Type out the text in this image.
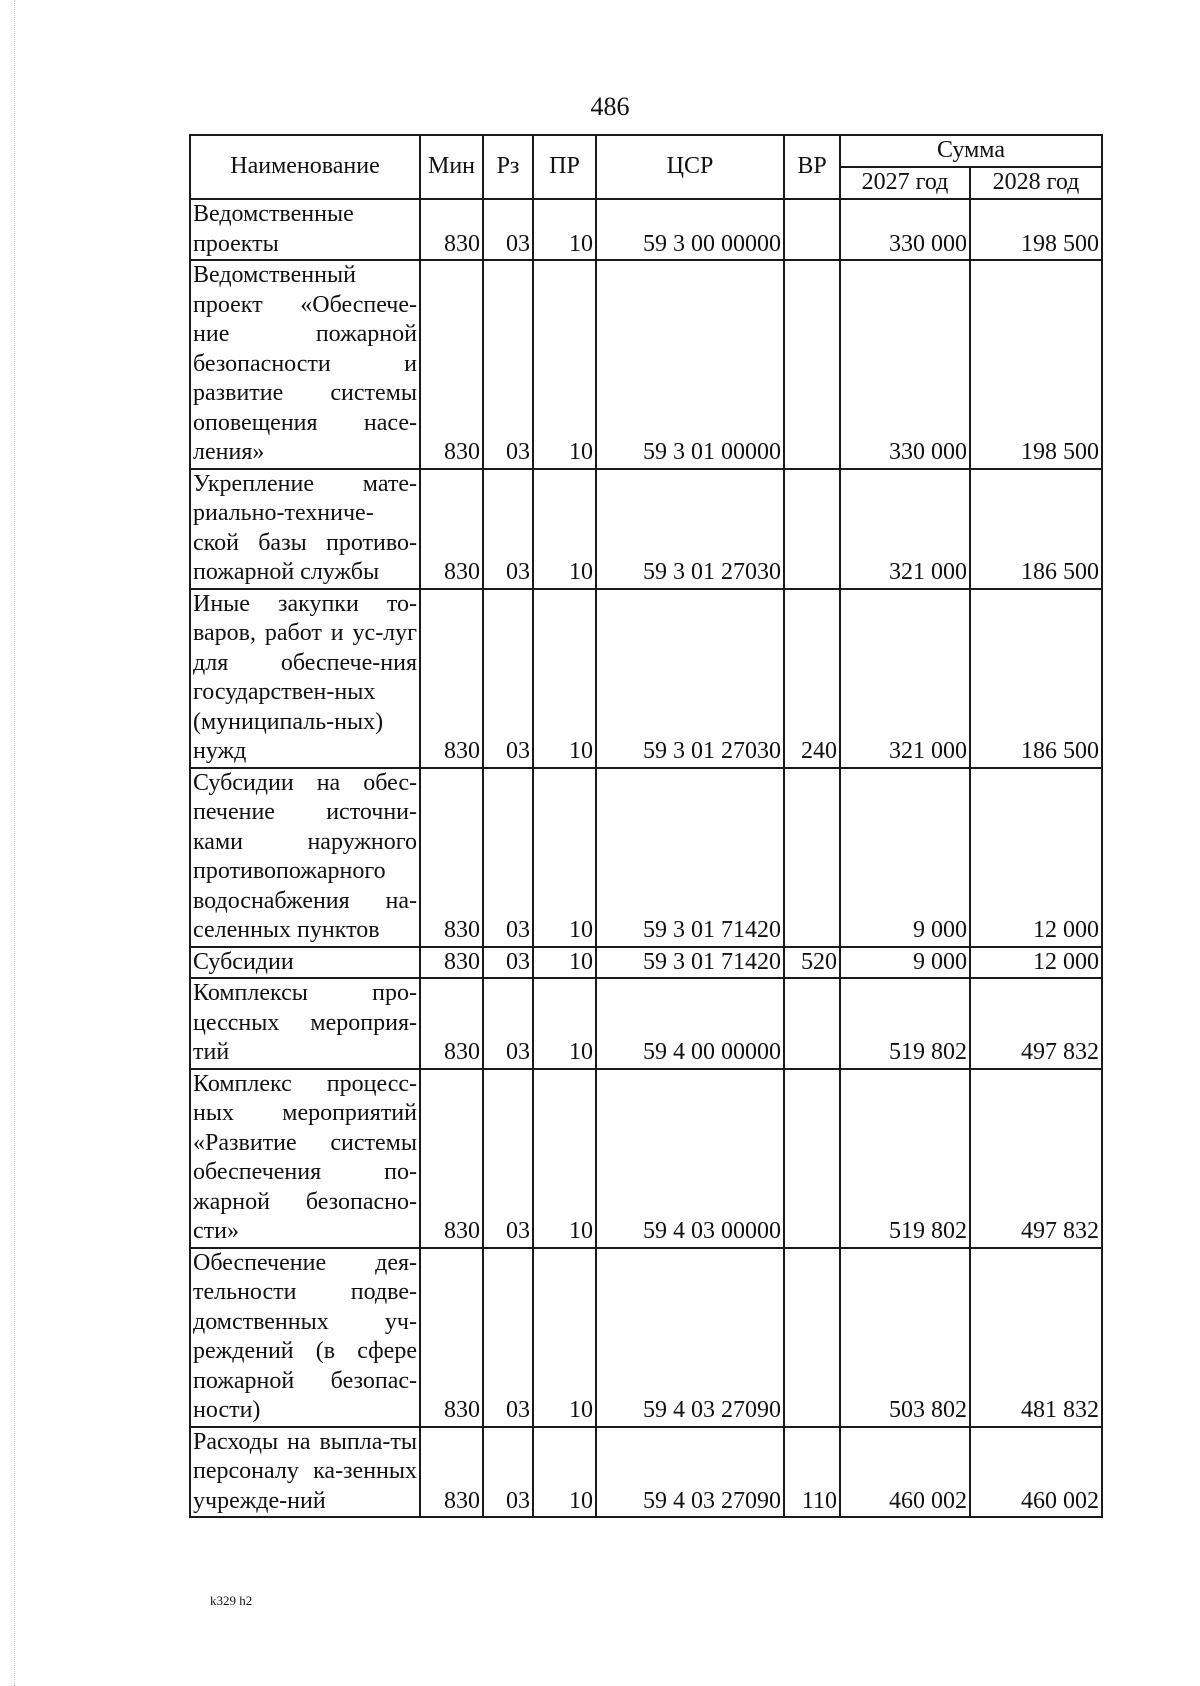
486
Наименование	Мин	Рз	ПР	ЦСР	ВР	Сумма	
						2027 год	2028 год
Ведомственные проекты	830	03	10	59 3 00 00000		330 000	198 500
Ведомственный проект «Обеспече-ние пожарной безопасности и развитие системы оповещения насе-ления»	830	03	10	59 3 01 00000		330 000	198 500
Укрепление мате-риально-техниче-ской базы противо-пожарной службы	830	03	10	59 3 01 27030		321 000	186 500
Иные закупки то-варов, работ и ус-луг для обеспече-ния государствен-ных (муниципаль-ных) нужд	830	03	10	59 3 01 27030	240	321 000	186 500
Субсидии на обес-печение источни-ками наружного противопожарного водоснабжения на-селенных пунктов	830	03	10	59 3 01 71420		9 000	12 000
Субсидии	830	03	10	59 3 01 71420	520	9 000	12 000
Комплексы про-цессных мероприя-тий	830	03	10	59 4 00 00000		519 802	497 832
Комплекс процесс-ных мероприятий «Развитие системы обеспечения по-жарной безопасно-сти»	830	03	10	59 4 03 00000		519 802	497 832
Обеспечение дея-тельности подве-домственных уч-реждений (в сфере пожарной безопас-ности)	830	03	10	59 4 03 27090		503 802	481 832
Расходы на выпла-ты персоналу ка-зенных учрежде-ний	830	03	10	59 4 03 27090	110	460 002	460 002
k329 h2
